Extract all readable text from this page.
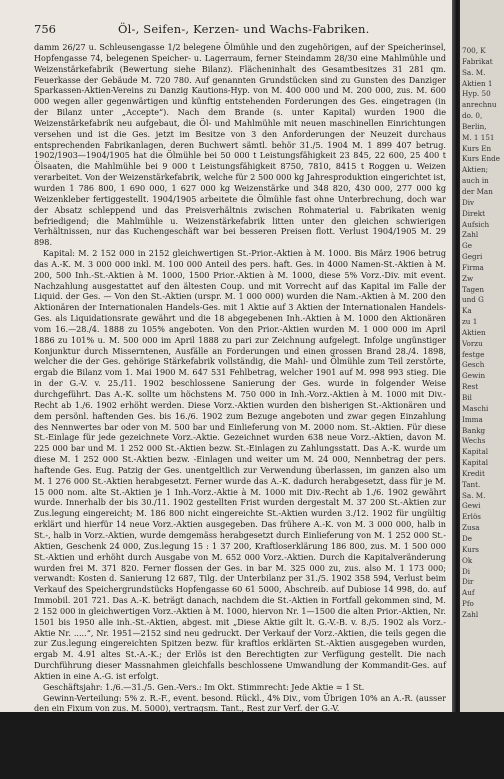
756	Öl-, Seifen-, Kerzen- und Wachs-Fabriken.

damm 26/27 u. Schleusengasse 1/2 belegene Ölmühle und den zugehörigen, auf der Speicherinsel, Hopfengasse 74, belegenen Speicher- u. Lagerraum, ferner Steindamm 28/30 eine Mahlmühle und Weizenstärkefabrik (Bewertung siehe Bilanz). Flächeninhalt des Gesamtbesitzes 31 281 qm. Feuerkasse der Gebäude M. 720 780. Auf genannten Grundstücken sind zu Gunsten des Danziger Sparkassen-Aktien-Vereins zu Danzig Kautions-Hyp. von M. 400 000 und M. 200 000, zus. M. 600 000 wegen aller gegenwärtigen und künftig entstehenden Forderungen des Ges. eingetragen (in der Bilanz unter „Accepte“). Nach dem Brande (s. unter Kapital) wurden 1900 die Weizenstärkefabrik neu aufgebaut, die Öl- und Mahlmühle mit neuen maschinellen Einrichtungen versehen und ist die Ges. jetzt im Besitze von 3 den Anforderungen der Neuzeit durchaus entsprechenden Fabrikanlagen, deren Buchwert sämtl. behör 31./5. 1904 M. 1 899 407 betrug. 1902/1903—1904/1905 hat die Ölmühle bei 50 000 t Leistungsfähigkeit 23 845, 22 600, 25 400 t Ölsaaten, die Mahlmühle bei 9 000 t Leistungsfähigkeit 8750, 7810, 8415 t Roggen u. Weizen verarbeitet. Von der Weizenstärkefabrik, welche für 2 500 000 kg Jahresproduktion eingerichtet ist, wurden 1 786 800, 1 690 000, 1 627 000 kg Weizenstärke und 348 820, 430 000, 277 000 kg Weizenkleber fertiggestellt. 1904/1905 arbeitete die Ölmühle fast ohne Unterbrechung, doch war der Absatz schleppend und das Preisverhältnis zwischen Rohmaterial u. Fabrikaten wenig befriedigend; die Mahlmühle u. Weizenstärkefabrik litten unter den gleichen schwierigen Verhältnissen, nur das Kuchengeschäft war bei besseren Preisen flott. Verlust 1904/1905 M. 29 898.

Kapital: M. 2 152 000 in 2152 gleichwertigen St.-Prior.-Aktien à M. 1000. Bis März 1906 betrug das A.-K. M. 3 000 000 inkl. M. 100 000 Anteil des pers. haft. Ges. in 4000 Namen-St.-Aktien à M. 200, 500 Inh.-St.-Aktien à M. 1000, 1500 Prior.-Aktien à M. 1000, diese 5% Vorz.-Div. mit event. Nachzahlung ausgestattet auf den ältesten Coup. und mit Vorrecht auf das Kapital im Falle der Liquid. der Ges. — Von den St.-Aktien (urspr. M. 1 000 000) wurden die Nam.-Aktien à M. 200 den Aktionären der Internationalen Handels-Ges. mit 1 Aktie auf 3 Aktien der Internationalen Handels-Ges. als Liquidationsrate gewährt und die 18 abgegebenen Inh.-Aktien à M. 1000 den Aktionären vom 16.—28./4. 1888 zu 105% angeboten. Von den Prior.-Aktien wurden M. 1 000 000 im April 1886 zu 101% u. M. 500 000 im April 1888 zu pari zur Zeichnung aufgelegt. Infolge ungünstiger Konjunktur durch Misserntenen, Ausfälle an Forderungen und einen grossen Brand 28./4. 1898, welcher die der Ges. gehörige Stärkefabrik vollständig, die Mahl- und Ölmühle zum Teil zerstörte, ergab die Bilanz vom 1. Mai 1900 M. 647 531 Fehlbetrag, welcher 1901 auf M. 998 993 stieg. Die in der G.-V. v. 25./11. 1902 beschlossene Sanierung der Ges. wurde in folgender Weise durchgeführt. Das A.-K. sollte um höchstens M. 750 000 in Inh.-Vorz.-Aktien à M. 1000 mit Div.-Recht ab 1./6. 1902 erhöht werden. Diese Vorz.-Aktien wurden den bisherigen St.-Aktionären und dem persönl. haftenden Ges. bis 16./6. 1902 zum Bezuge angeboten und zwar gegen Einzahlung des Nennwertes bar oder von M. 500 bar und Einlieferung von M. 2000 nom. St.-Aktien. Für diese St.-Einlage für jede gezeichnete Vorz.-Aktie. Gezeichnet wurden 638 neue Vorz.-Aktien, davon M. 225 000 bar und M. 1 252 000 St.-Aktien bezw. St.-Einlagen zu Zahlungsstatt. Das A.-K. wurde um diese M. 1 252 000 St.-Aktien bezw. -Einlagen und weiter um M. 24 000, Nennbetrag der pers. haftende Ges. Eug. Patzig der Ges. unentgeltlich zur Verwendung überlassen, im ganzen also um M. 1 276 000 St.-Aktien herabgesetzt. Ferner wurde das A.-K. dadurch herabgesetzt, dass für je M. 15 000 nom. alte St.-Aktien je 1 Inh.-Vorz.-Aktie à M. 1000 mit Div.-Recht ab 1./6. 1902 gewährt wurde. Innerhalb der bis 30./11. 1902 gestellten Frist wurden dergestalt M. 37 200 St.-Aktien zur Zus.legung eingereicht; M. 186 800 nicht eingereichte St.-Aktien wurden 3./12. 1902 für ungültig erklärt und hierfür 14 neue Vorz.-Aktien ausgegeben. Das frühere A.-K. von M. 3 000 000, halb in St.-, halb in Vorz.-Aktien, wurde demgemäss herabgesetzt durch Einlieferung von M. 1 252 000 St.-Aktien, Geschenk 24 000, Zus.legung 15 : 1 37 200, Kraftloserklärung 186 800, zus. M. 1 500 000 St.-Aktien und erhöht durch Ausgabe von M. 652 000 Vorz.-Aktien. Durch die Kapitalveränderung wurden frei M. 371 820. Ferner flossen der Ges. in bar M. 325 000 zu, zus. also M. 1 173 000; verwandt: Kosten d. Sanierung 12 687, Tilg. der Unterbilanz per 31./5. 1902 358 594, Verlust beim Verkauf des Speichergrundstücks Hopfengasse 60 61 5000, Abschreib. auf Dubiose 14 998, do. auf Immobil. 201 721. Das A.-K. beträgt danach, nachdem die St.-Aktien in Fortfall gekommen sind, M. 2 152 000 in gleichwertigen Vorz.-Aktien à M. 1000, hiervon Nr. 1—1500 die alten Prior.-Aktien, Nr. 1501 bis 1950 alle inh.-St.-Aktien, abgest. mit „Diese Aktie gilt lt. G.-V.-B. v. 8./5. 1902 als Vorz.-Aktie Nr. .....“, Nr. 1951—2152 sind neu gedruckt. Der Verkauf der Vorz.-Aktien, die teils gegen die zur Zus.legung eingereichten Spitzen bezw. für kraftlos erklärten St.-Aktien ausgegeben wurden, ergab M. 4.91 altes St.-A.-K.; der Erlös ist den Berechtigten zur Verfügung gestellt. Die nach Durchführung dieser Massnahmen gleichfalls beschlossene Umwandlung der Kommandit-Ges. auf Aktien in eine A.-G. ist erfolgt.

Geschäftsjahr: 1./6.—31./5. Gen.-Vers.: Im Okt. Stimmrecht: Jede Aktie = 1 St.

Gewinn-Verteilung: 5% z. R.-F., event. besond. Rückl., 4% Div., vom Übrigen 10% an A.-R. (ausser den ein Fixum von zus. M. 5000), vertragsm. Tant., Rest zur Verf. der G.-V.

Bilanz am 31. Mai 1905: Aktiva: Grundstück Steindamm 26/27, Schleusengasse 1/2 (Ölmühle) 208 299, do. Steindamm 28/30 (Mahlmühle u. Stärkefabrik) 310 000, do. Hopfengasse 74 (Speicher u. Lagerraum) 517 500, Res.-Dampfmasch. 4000, Ölmühleinventar 27 000, Maschinen (Ölmühle) 354 000, do. Mahlmühle u. Stärkefabrik 352 000, do. des Speicherbetriebes 70 000, elektr. Beleucht.-Anlage 1, Feuerlöscheinricht. u. Wasserleitung 1, mechan. Werkstätten 1, Pferde u. Wagen 1, Brücken 1, Mahlmühleninventar 1, Kontor- do. 1, Masch. der Bötcherei 5500, Lager-

700, K
Fabrikat
Sa. M.
Aktien 1
Hyp. 50
anrechnu
do. 0,
Berlin,
M. 1 151
Kurs En
Kurs Ende
Aktien;
auch in
der Man
Div
Direkt
Aufsich
Zahl
Ge
Gegri
Firma
Zw
Tagen
und G
Ka
zu 1
Aktien
Vorzu
festge
Gesch
Gewin
Rest
Bil
Maschi
Imma
Bankg
Wechs
Kapital
Kapital
Kredit
Tant.
Sa. M.
Gewi
Erlös
Zusa
De
Kurs
Ok
Di
Dir
Auf
Pfo
Zahl
